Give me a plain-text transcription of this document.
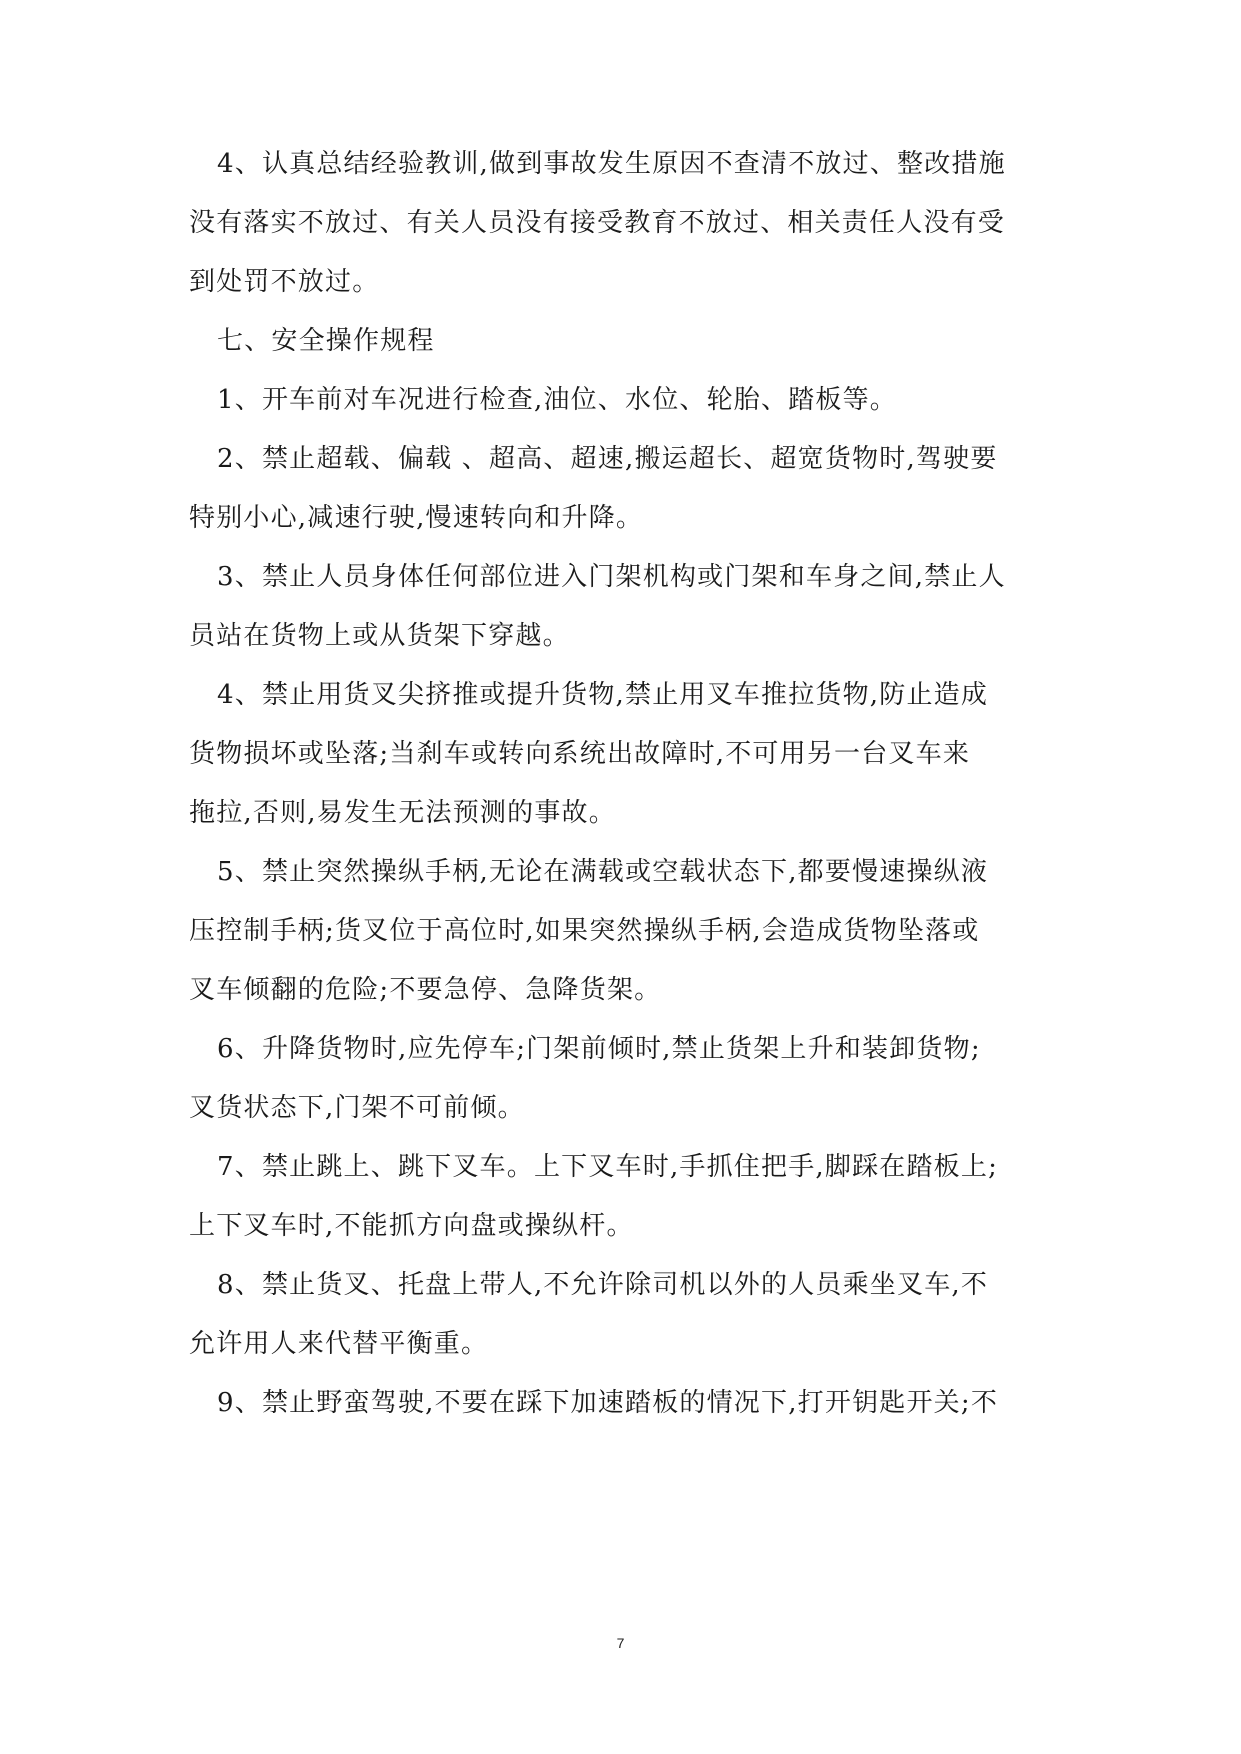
4、认真总结经验教训,做到事故发生原因不查清不放过、整改措施
没有落实不放过、有关人员没有接受教育不放过、相关责任人没有受
到处罚不放过。
七、安全操作规程
1、开车前对车况进行检查,油位、水位、轮胎、踏板等。
2、禁止超载、偏载 、超高、超速,搬运超长、超宽货物时,驾驶要
特别小心,减速行驶,慢速转向和升降。
3、禁止人员身体任何部位进入门架机构或门架和车身之间,禁止人
员站在货物上或从货架下穿越。
4、禁止用货叉尖挤推或提升货物,禁止用叉车推拉货物,防止造成
货物损坏或坠落;当刹车或转向系统出故障时,不可用另一台叉车来
拖拉,否则,易发生无法预测的事故。
5、禁止突然操纵手柄,无论在满载或空载状态下,都要慢速操纵液
压控制手柄;货叉位于高位时,如果突然操纵手柄,会造成货物坠落或
叉车倾翻的危险;不要急停、急降货架。
6、升降货物时,应先停车;门架前倾时,禁止货架上升和装卸货物;
叉货状态下,门架不可前倾。
7、禁止跳上、跳下叉车。上下叉车时,手抓住把手,脚踩在踏板上;
上下叉车时,不能抓方向盘或操纵杆。
8、禁止货叉、托盘上带人,不允许除司机以外的人员乘坐叉车,不
允许用人来代替平衡重。
9、禁止野蛮驾驶,不要在踩下加速踏板的情况下,打开钥匙开关;不
7
